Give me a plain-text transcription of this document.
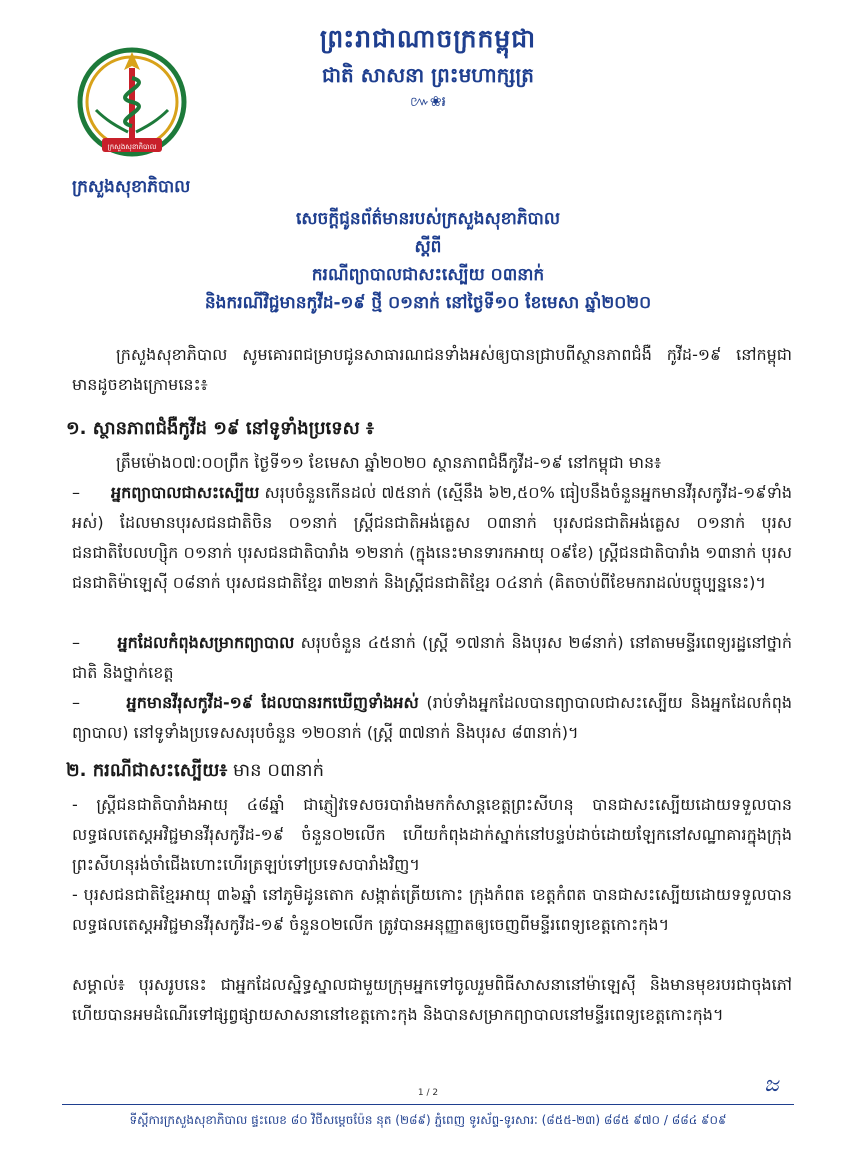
ព្រះរាជាណាចក្រកម្ពុជា
ជាតិ សាសនា ព្រះមហាក្សត្រ
៚❀៛
ក្រសួងសុខាភិបាល
ក្រសួងសុខាភិបាល
សេចក្តីជូនព័ត៌មានរបស់ក្រសួងសុខាភិបាល
ស្តីពី
ករណីព្យាបាលជាសះស្បើយ ០៣នាក់
និងករណីវិជ្ជមានកូវីដ-១៩ ថ្មី ០១នាក់ នៅថ្ងៃទី១០ ខែមេសា ឆ្នាំ២០២០
ក្រសួងសុខាភិបាល សូមគោរពជម្រាបជូនសាធារណជនទាំងអស់ឲ្យបានជ្រាបពីស្ថានភាពជំងឺ កូវីដ-១៩ នៅកម្ពុជា មានដូចខាងក្រោមនេះ៖
១. ស្ថានភាពជំងឺកូវីដ ១៩ នៅទូទាំងប្រទេស ៖
ត្រឹមម៉ោង០៧:០០ព្រឹក ថ្ងៃទី១១ ខែមេសា ឆ្នាំ២០២០ ស្ថានភាពជំងឺកូវីដ-១៩ នៅកម្ពុជា មាន៖
– អ្នកព្យាបាលជាសះស្បើយ សរុបចំនួនកើនដល់ ៧៥នាក់ (ស្មើនឹង ៦២,៥០% ធៀបនឹងចំនួនអ្នកមានវីរុសកូវីដ-១៩ទាំងអស់) ដែលមានបុរសជនជាតិចិន ០១នាក់ ស្ត្រីជនជាតិអង់គ្លេស ០៣នាក់ បុរសជនជាតិអង់គ្លេស ០១នាក់ បុរសជនជាតិបែលហ្ស៊ិក ០១នាក់ បុរសជនជាតិបារាំង ១២នាក់ (ក្នុងនេះមានទារកអាយុ ០៩ខែ) ស្ត្រីជនជាតិបារាំង ១៣នាក់ បុរសជនជាតិម៉ាឡេស៊ី ០៨នាក់ បុរសជនជាតិខ្មែរ ៣២នាក់ និងស្ត្រីជនជាតិខ្មែរ ០៤នាក់ (គិតចាប់ពីខែមករាដល់បច្ចុប្បន្ននេះ)។
– អ្នកដែលកំពុងសម្រាកព្យាបាល សរុបចំនួន ៤៥នាក់ (ស្ត្រី ១៧នាក់ និងបុរស ២៨នាក់) នៅតាមមន្ទីរពេទ្យរដ្ឋនៅថ្នាក់ជាតិ និងថ្នាក់ខេត្ត
–	អ្នកមានវីរុសកូវីដ-១៩ ដែលបានរកឃើញទាំងអស់ (រាប់ទាំងអ្នកដែលបានព្យាបាលជាសះស្បើយ និងអ្នកដែលកំពុងព្យាបាល) នៅទូទាំងប្រទេសសរុបចំនួន ១២០នាក់ (ស្ត្រី ៣៧នាក់ និងបុរស ៨៣នាក់)។
២. ករណីជាសះស្បើយ៖ មាន ០៣នាក់
- ស្ត្រីជនជាតិបារាំងអាយុ ៤៨ឆ្នាំ ជាភ្ញៀវទេសចរបារាំងមកកំសាន្តខេត្តព្រះសីហនុ បានជាសះស្បើយដោយទទួលបានលទ្ធផលតេស្តអវិជ្ជមានវីរុសកូវីដ-១៩ ចំនួន០២លើក ហើយកំពុងដាក់ស្នាក់នៅបន្ទប់ដាច់ដោយឡែកនៅសណ្ឋាគារក្នុងក្រុងព្រះសីហនុរង់ចាំជើងហោះហើរត្រឡប់ទៅប្រទេសបារាំងវិញ។
- បុរសជនជាតិខ្មែរអាយុ ៣៦ឆ្នាំ នៅភូមិដូនតោក សង្កាត់ត្រើយកោះ ក្រុងកំពត ខេត្តកំពត បានជាសះស្បើយដោយទទួលបានលទ្ធផលតេស្តអវិជ្ជមានវីរុសកូវីដ-១៩ ចំនួន០២លើក ត្រូវបានអនុញ្ញាតឲ្យចេញពីមន្ទីរពេទ្យខេត្តកោះកុង។
សម្គាល់៖ បុរសរូបនេះ ជាអ្នកដែលស្និទ្ធស្នាលជាមួយក្រុមអ្នកទៅចូលរួមពិធីសាសនានៅម៉ាឡេស៊ី និងមានមុខរបរជាចុងភៅ ហើយបានអមដំណើរទៅផ្សព្វផ្សាយសាសនានៅខេត្តកោះកុង និងបានសម្រាកព្យាបាលនៅមន្ទីរពេទ្យខេត្តកោះកុង។
1 / 2	ಜ
ទីស្តីការក្រសួងសុខាភិបាល ផ្ទះលេខ ៨០ វិថីសម្តេចប៉ែន នុត (២៨៩) ភ្នំពេញ ទូរស័ព្ទ-ទូរសារៈ (៨៥៥-២៣) ៨៨៥ ៩៧០ / ៨៨៤ ៩០៩
